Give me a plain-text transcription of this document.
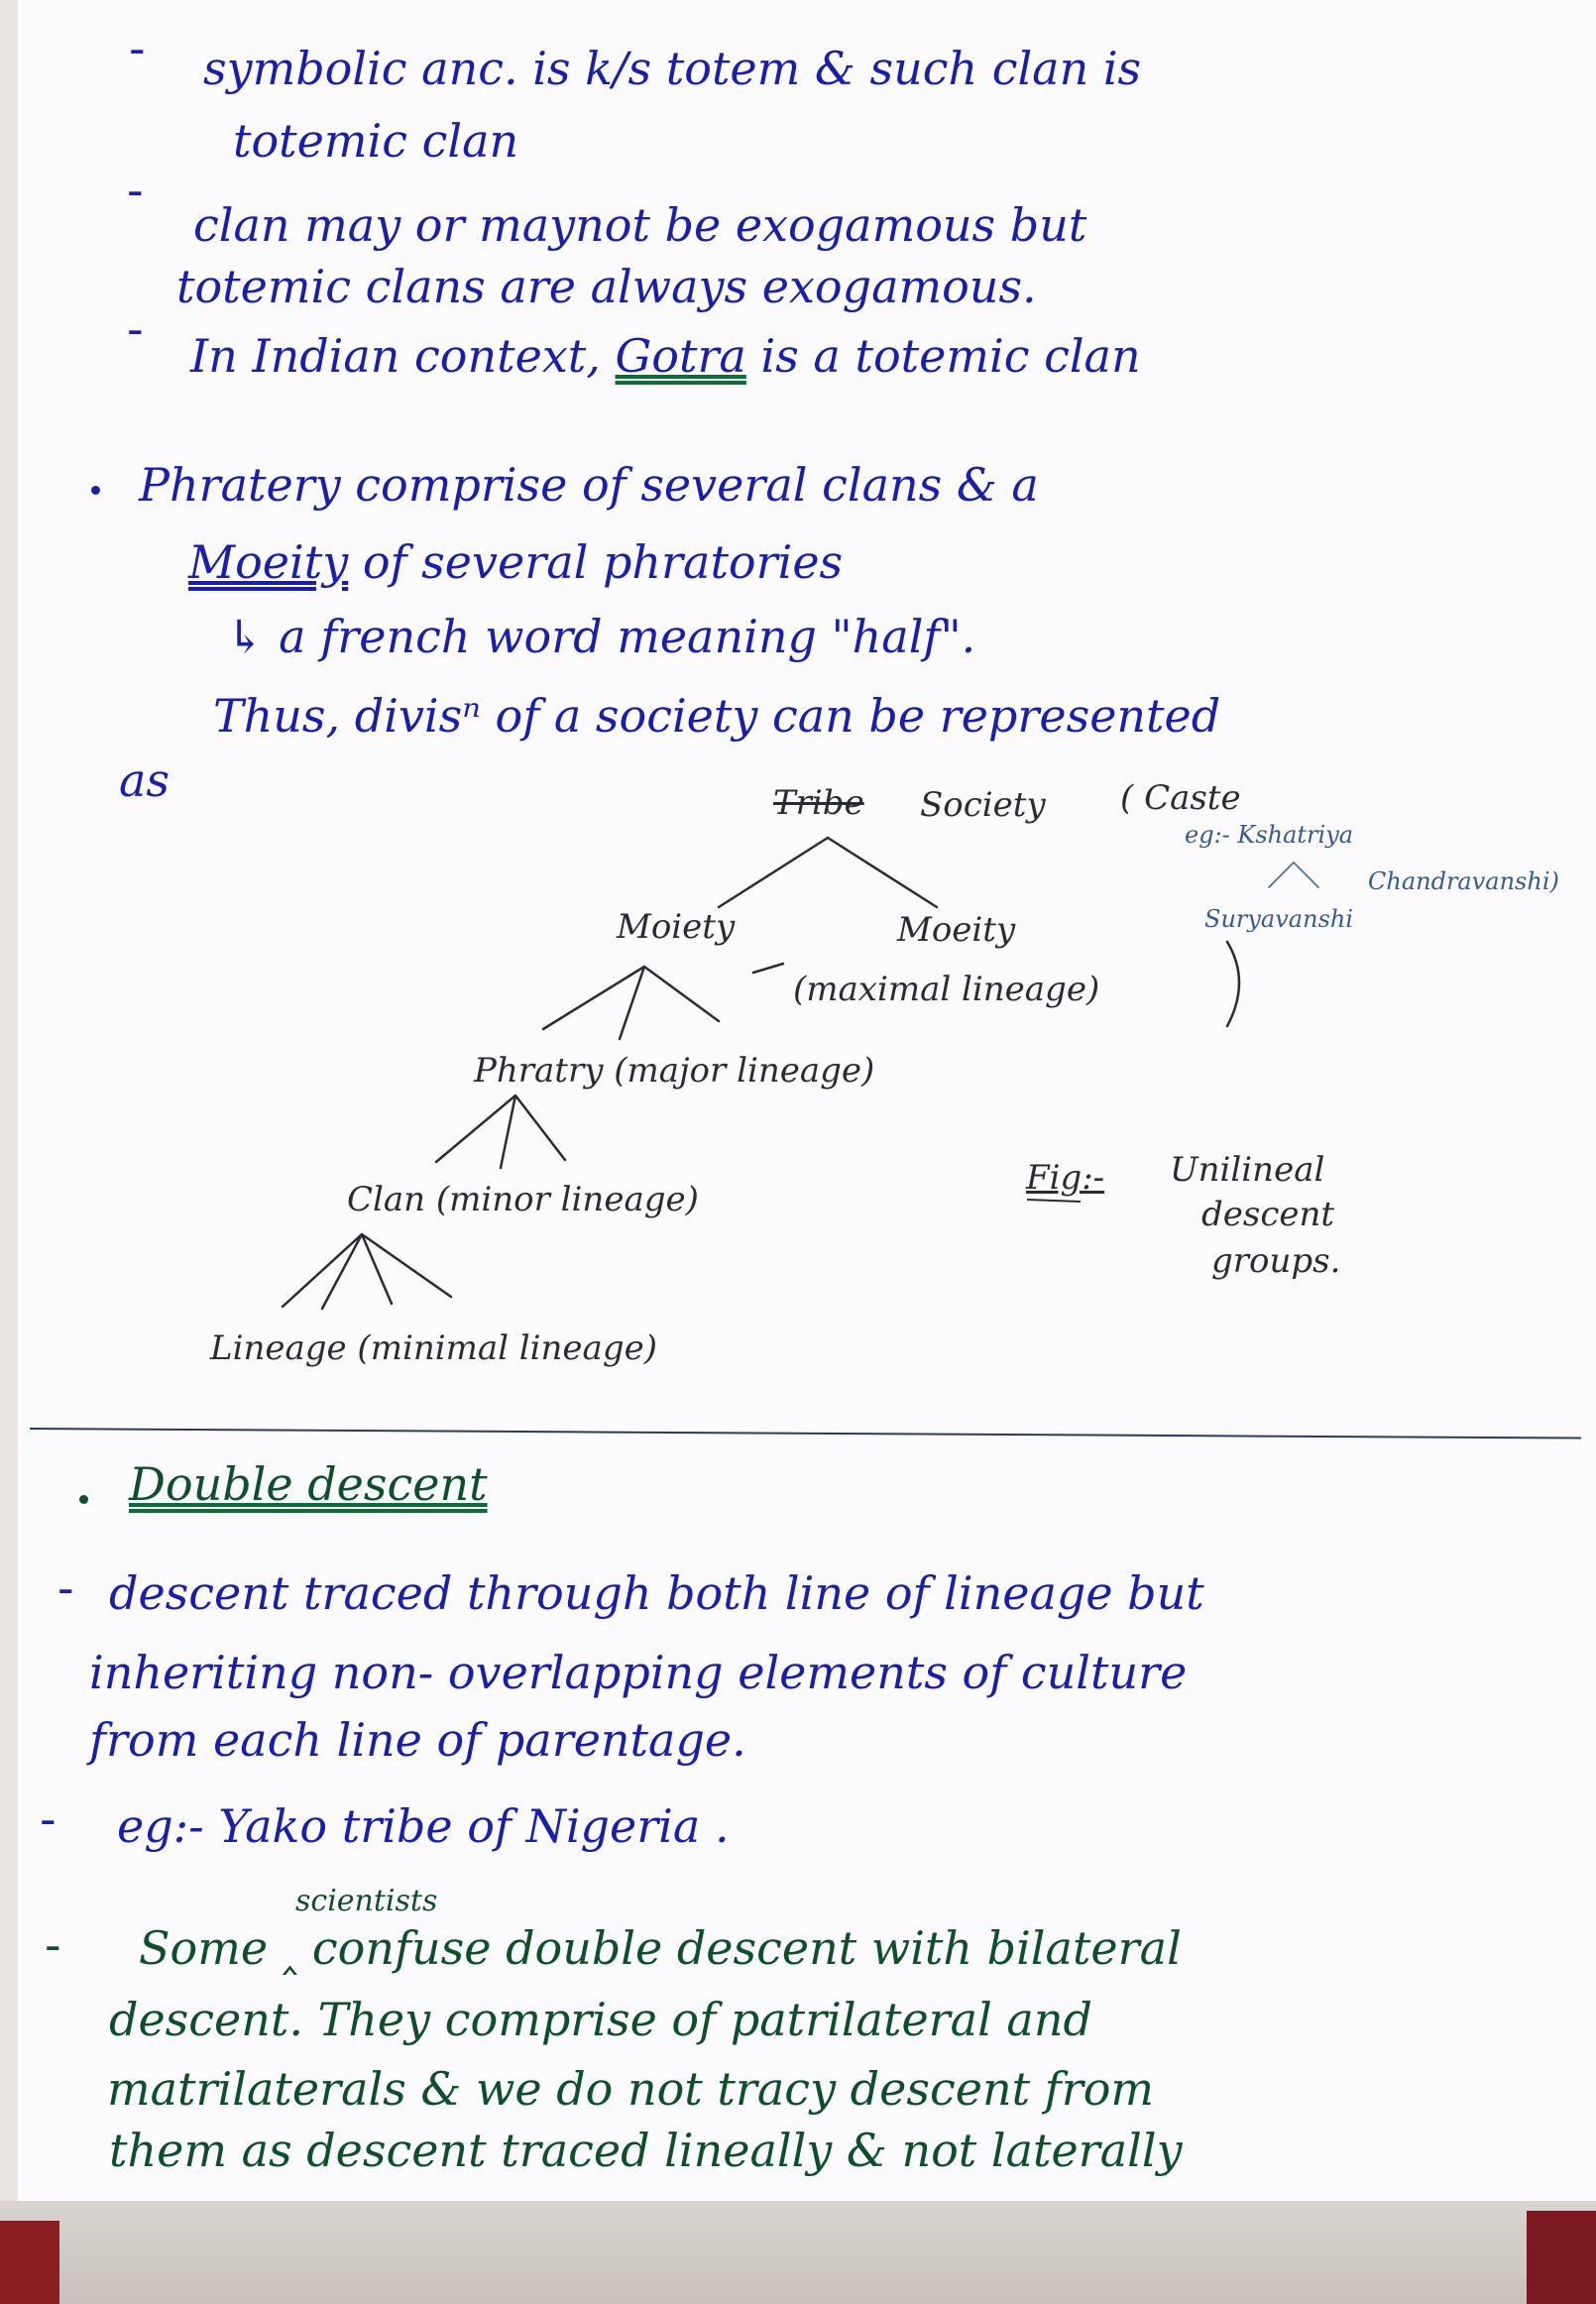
- symbolic anc. is k/s totem & such clan is
totemic clan
-
clan may or maynot be exogamous but
totemic clans are always exogamous.
- In Indian context, Gotra is a totemic clan
Phratery comprise of several clans & a
Moeity of several phratories
↳ a french word meaning "half".
Thus, divisⁿ of a society can be represented
as	Tribe Society
Moiety	Moeity
(maximal lineage)
Phratry (major lineage)
Clan (minor lineage)
Lineage (minimal lineage)
( Caste
eg:- Kshatriya
Suryavanshi
Chandravanshi)
Fig:- Unilineal
descent
groups.
Double descent
- descent traced through both line of lineage but
inheriting non- overlapping elements of culture
from each line of parentage.
- eg:- Yako tribe of Nigeria .
scientists
- Some ‸ confuse double descent with bilateral
descent. They comprise of patrilateral and
matrilaterals & we do not tracy descent from
them as descent traced lineally & not laterally
